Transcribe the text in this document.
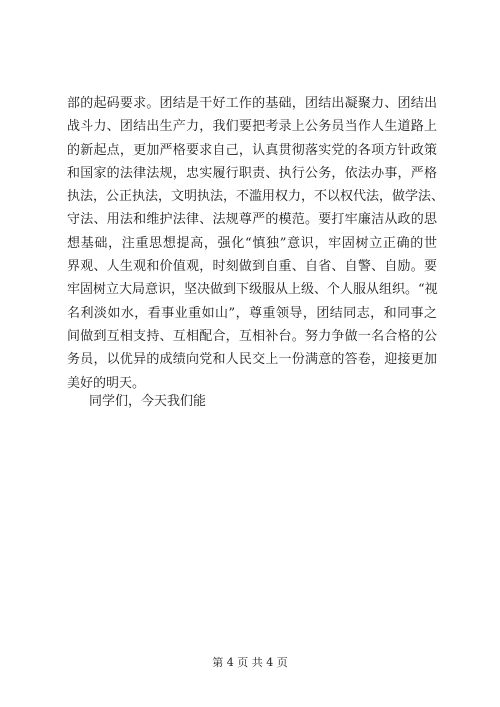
部的起码要求。团结是干好工作的基础，团结出凝聚力、团结出
战斗力、团结出生产力，我们要把考录上公务员当作人生道路上
的新起点，更加严格要求自己，认真贯彻落实党的各项方针政策
和国家的法律法规，忠实履行职责、执行公务，依法办事，严格
执法，公正执法，文明执法，不滥用权力，不以权代法，做学法、
守法、用法和维护法律、法规尊严的模范。要打牢廉洁从政的思
想基础，注重思想提高，强化“慎独”意识，牢固树立正确的世
界观、人生观和价值观，时刻做到自重、自省、自警、自励。要
牢固树立大局意识，坚决做到下级服从上级、个人服从组织。“视
名利淡如水，看事业重如山”，尊重领导，团结同志，和同事之
间做到互相支持、互相配合，互相补台。努力争做一名合格的公
务员，以优异的成绩向党和人民交上一份满意的答卷，迎接更加
美好的明天。
同学们，今天我们能
第 4 页 共 4 页
